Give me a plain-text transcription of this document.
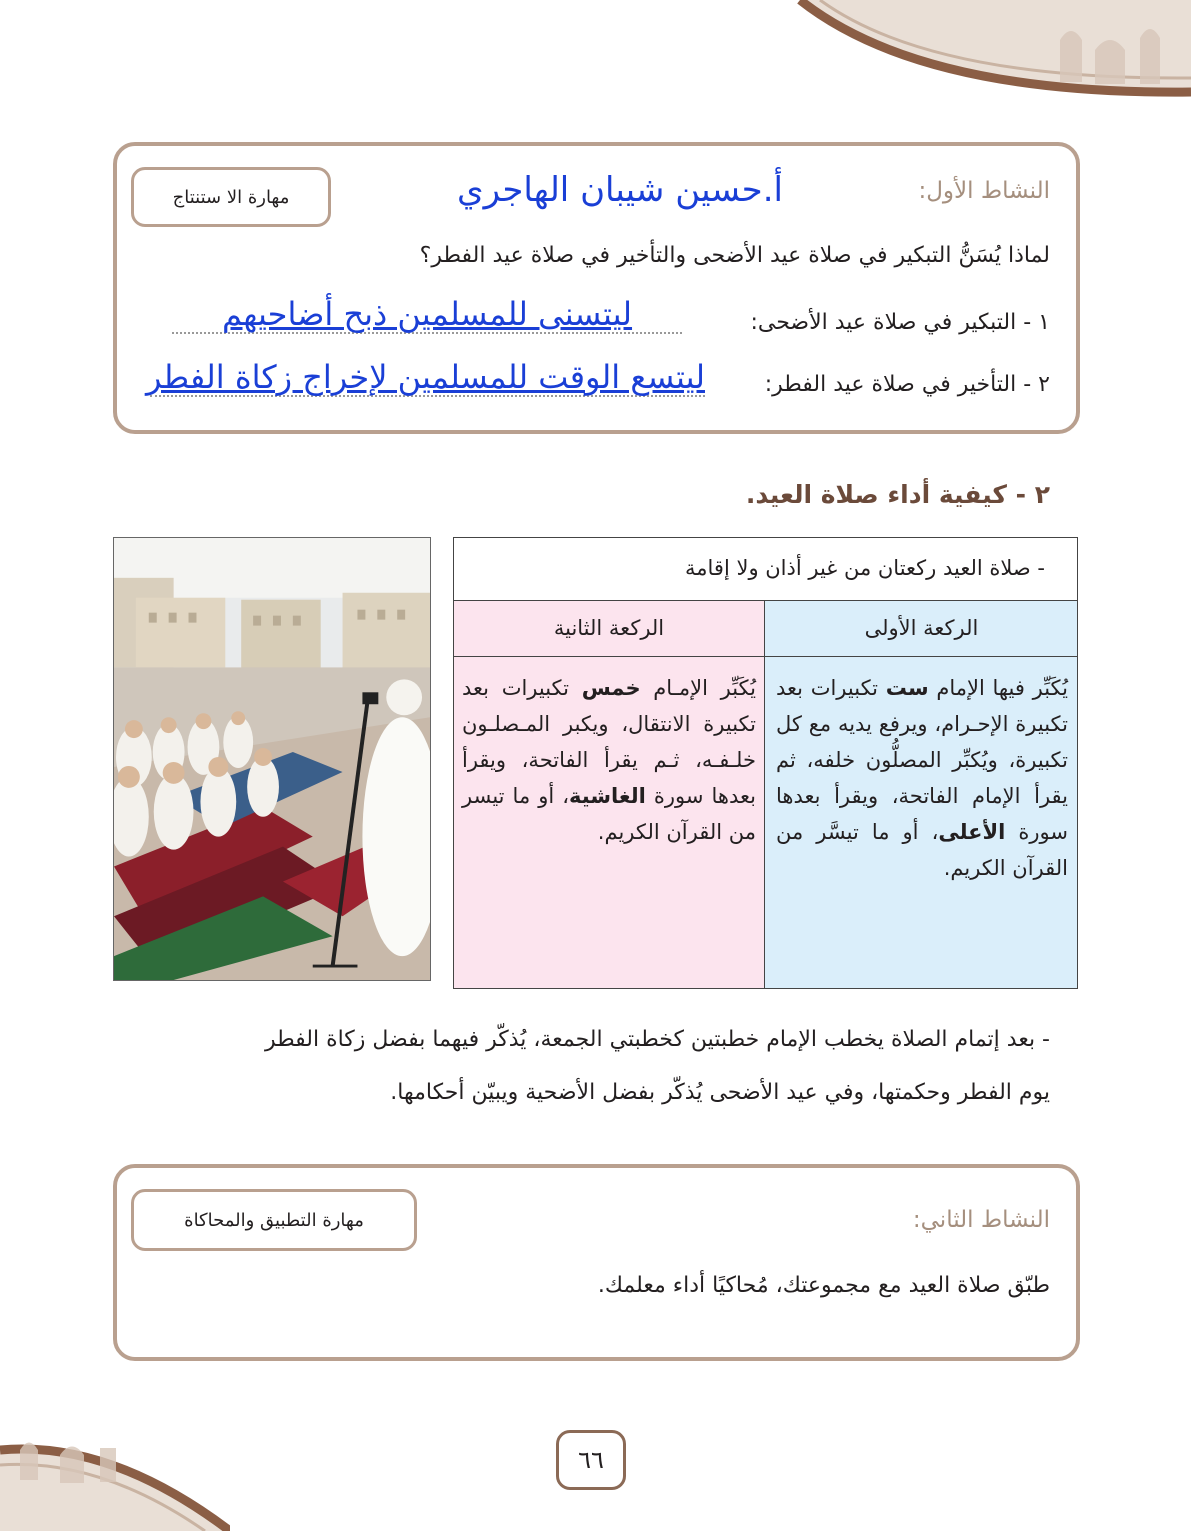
النشاط الأول:
أ.حسين شيبان الهاجري
مهارة الا ستنتاج
لماذا يُسَنُّ التبكير في صلاة عيد الأضحى والتأخير في صلاة عيد الفطر؟
١ - التبكير في صلاة عيد الأضحى:
ليتسنى للمسلمين ذبح أضاحيهم
٢ - التأخير في صلاة عيد الفطر:
ليتسع الوقت للمسلمين لإخراج زكاة الفطر
٢ - كيفية أداء صلاة العيد.
- صلاة العيد ركعتان من غير أذان ولا إقامة
الركعة الأولى
الركعة الثانية
يُكَبِّر فيها الإمام ست تكبيرات بعد تكبيرة الإحـرام، ويرفع يديه مع كل تكبيرة، ويُكبِّر المصلُّون خلفه، ثم يقرأ الإمام الفاتحة، ويقرأ بعدها سورة الأعلى، أو ما تيسَّر من القرآن الكريم.
يُكَبِّر الإمـام خمس تكبيرات بعد تكبيرة الانتقال، ويكبر المـصلـون خلـفـه، ثـم يقرأ الفاتحة، ويقرأ بعدها سورة الغاشية، أو ما تيسر من القرآن الكريم.
- بعد إتمام الصلاة يخطب الإمام خطبتين كخطبتي الجمعة، يُذكّر فيهما بفضل زكاة الفطر
يوم الفطر وحكمتها، وفي عيد الأضحى يُذكّر بفضل الأضحية ويبيّن أحكامها.
النشاط الثاني:
مهارة التطبيق والمحاكاة
طبّق صلاة العيد مع مجموعتك، مُحاكيًا أداء معلمك.
٦٦
